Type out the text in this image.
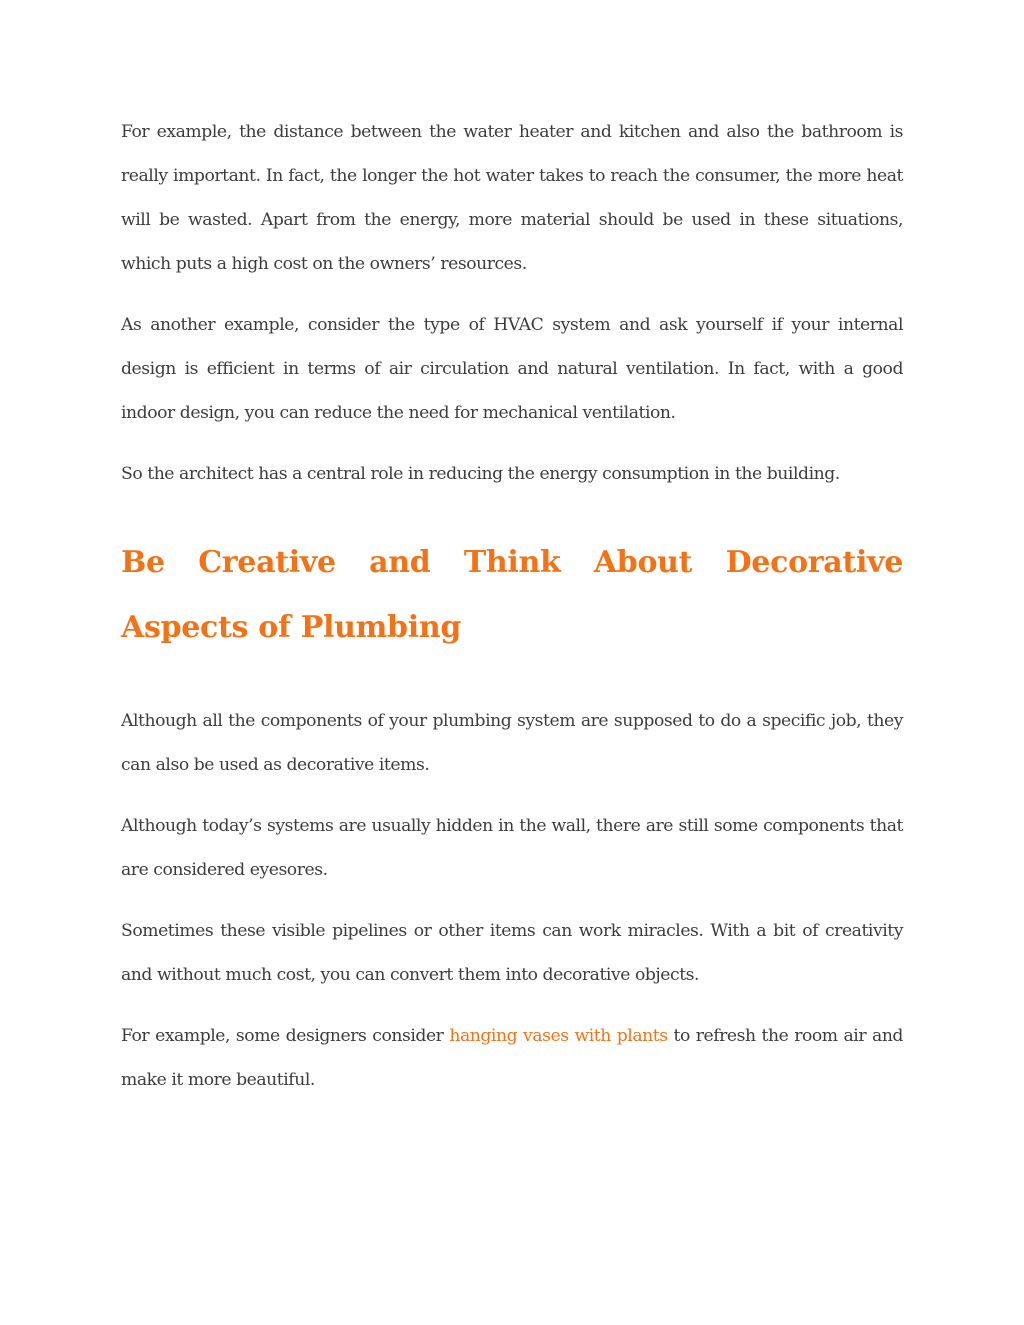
For example, the distance between the water heater and kitchen and also the bathroom is really important. In fact, the longer the hot water takes to reach the consumer, the more heat will be wasted. Apart from the energy, more material should be used in these situations, which puts a high cost on the owners’ resources.

As another example, consider the type of HVAC system and ask yourself if your internal design is efficient in terms of air circulation and natural ventilation. In fact, with a good indoor design, you can reduce the need for mechanical ventilation.

So the architect has a central role in reducing the energy consumption in the building.

Be Creative and Think About Decorative Aspects of Plumbing

Although all the components of your plumbing system are supposed to do a specific job, they can also be used as decorative items.

Although today’s systems are usually hidden in the wall, there are still some components that are considered eyesores.

Sometimes these visible pipelines or other items can work miracles. With a bit of creativity and without much cost, you can convert them into decorative objects.

For example, some designers consider hanging vases with plants to refresh the room air and make it more beautiful.
